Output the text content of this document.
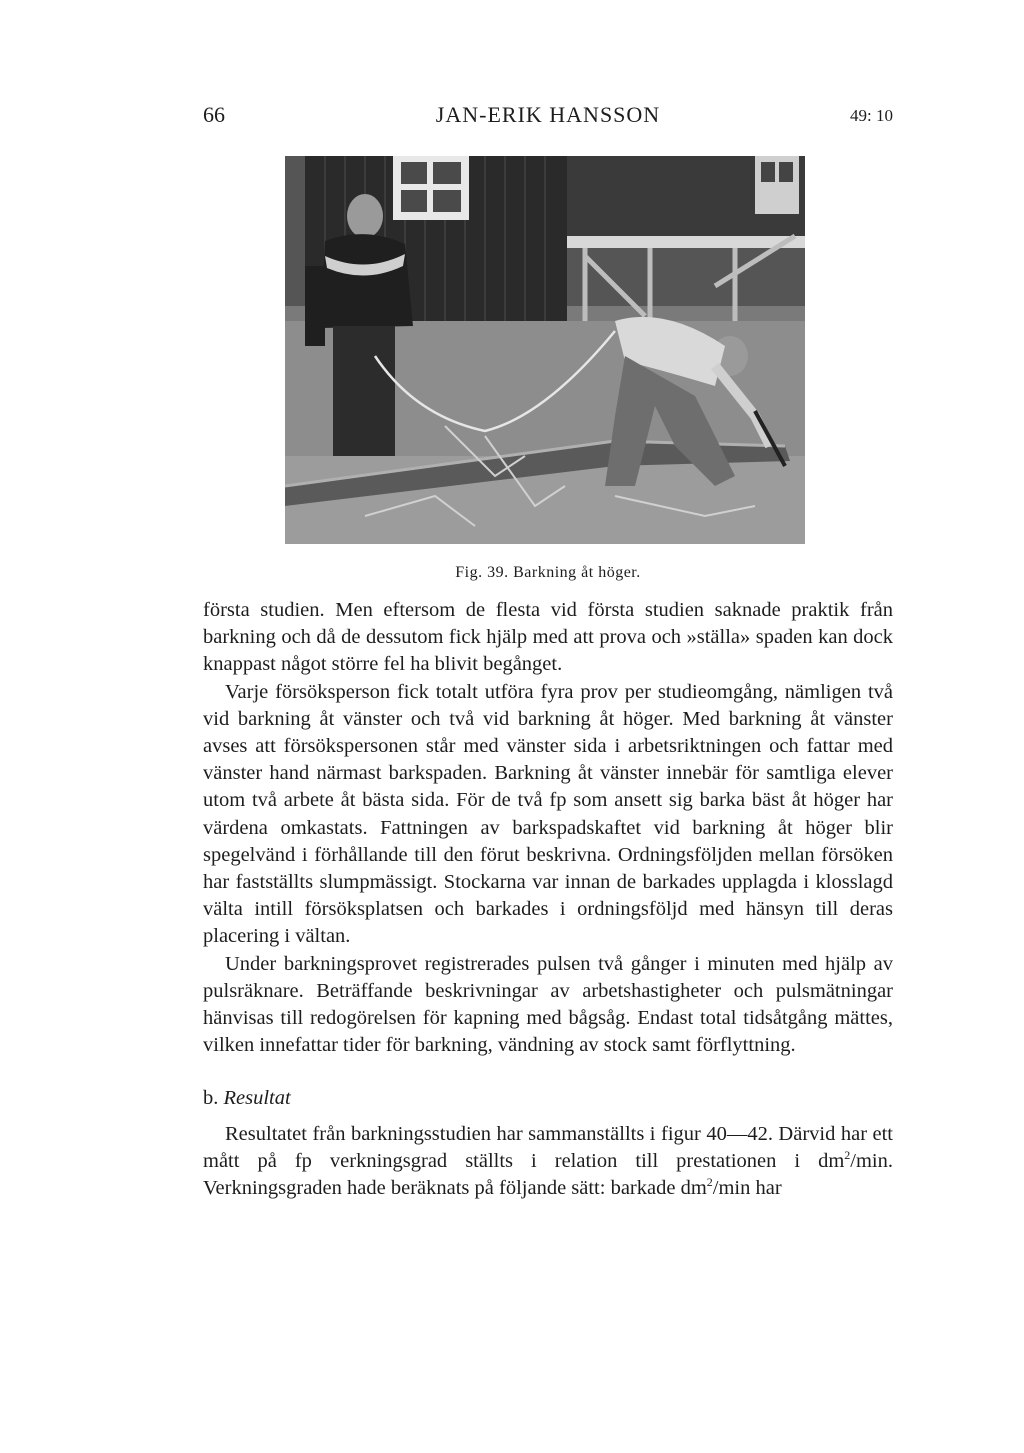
66	JAN-ERIK HANSSON	49: 10
Fig. 39. Barkning åt höger.

första studien. Men eftersom de flesta vid första studien saknade praktik från barkning och då de dessutom fick hjälp med att prova och »ställa» spaden kan dock knappast något större fel ha blivit begånget.

Varje försöksperson fick totalt utföra fyra prov per studieomgång, nämligen två vid barkning åt vänster och två vid barkning åt höger. Med barkning åt vänster avses att försökspersonen står med vänster sida i arbetsriktningen och fattar med vänster hand närmast barkspaden. Barkning åt vänster innebär för samtliga elever utom två arbete åt bästa sida. För de två fp som ansett sig barka bäst åt höger har värdena omkastats. Fattningen av barkspadskaftet vid barkning åt höger blir spegelvänd i förhållande till den förut beskrivna. Ordningsföljden mellan försöken har fastställts slumpmässigt. Stockarna var innan de barkades upplagda i klosslagd välta intill försöksplatsen och barkades i ordningsföljd med hänsyn till deras placering i vältan.

Under barkningsprovet registrerades pulsen två gånger i minuten med hjälp av pulsräknare. Beträffande beskrivningar av arbetshastigheter och pulsmätningar hänvisas till redogörelsen för kapning med bågsåg. Endast total tidsåtgång mättes, vilken innefattar tider för barkning, vändning av stock samt förflyttning.

b. Resultat

Resultatet från barkningsstudien har sammanställts i figur 40—42. Därvid har ett mått på fp verkningsgrad ställts i relation till prestationen i $dm^2/\min$. Verkningsgraden hade beräknats på följande sätt: barkade $dm^2/\min$ har
